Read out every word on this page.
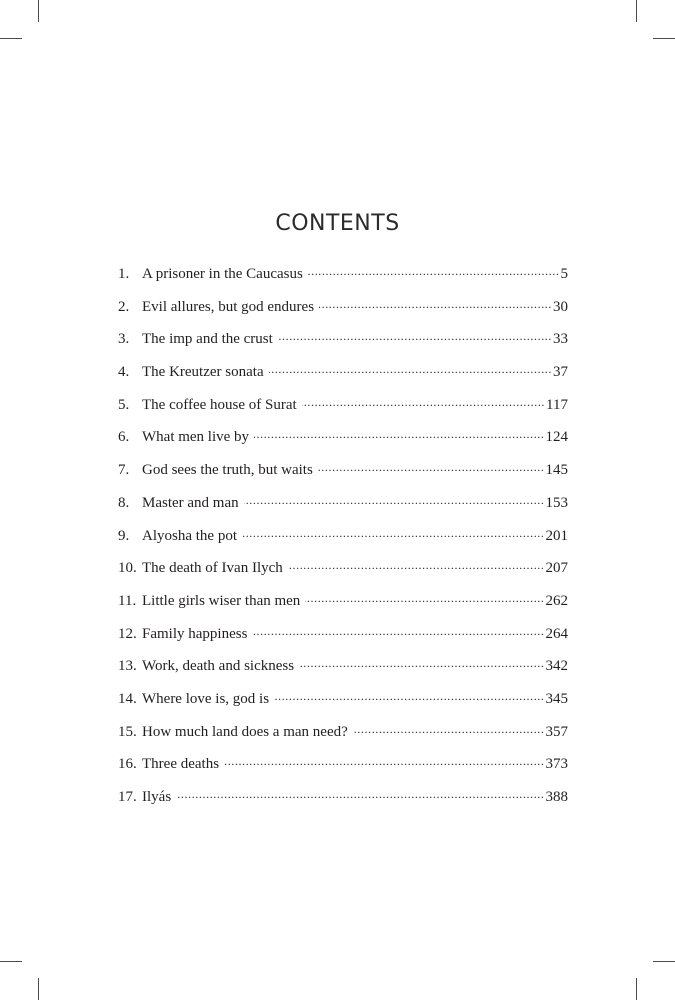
CONTENTS
1. A prisoner in the Caucasus .....	5
2. Evil allures, but god endures .....	30
3. The imp and the crust .....	33
4. The Kreutzer sonata .....	37
5. The coffee house of Surat .....	117
6. What men live by .....	124
7. God sees the truth, but waits .....	145
8. Master and man .....	153
9. Alyosha the pot .....	201
10. The death of Ivan Ilych .....	207
11. Little girls wiser than men .....	262
12. Family happiness .....	264
13. Work, death and sickness .....	342
14. Where love is, god is .....	345
15. How much land does a man need? .....	357
16. Three deaths .....	373
17. Ilyás .....	388
